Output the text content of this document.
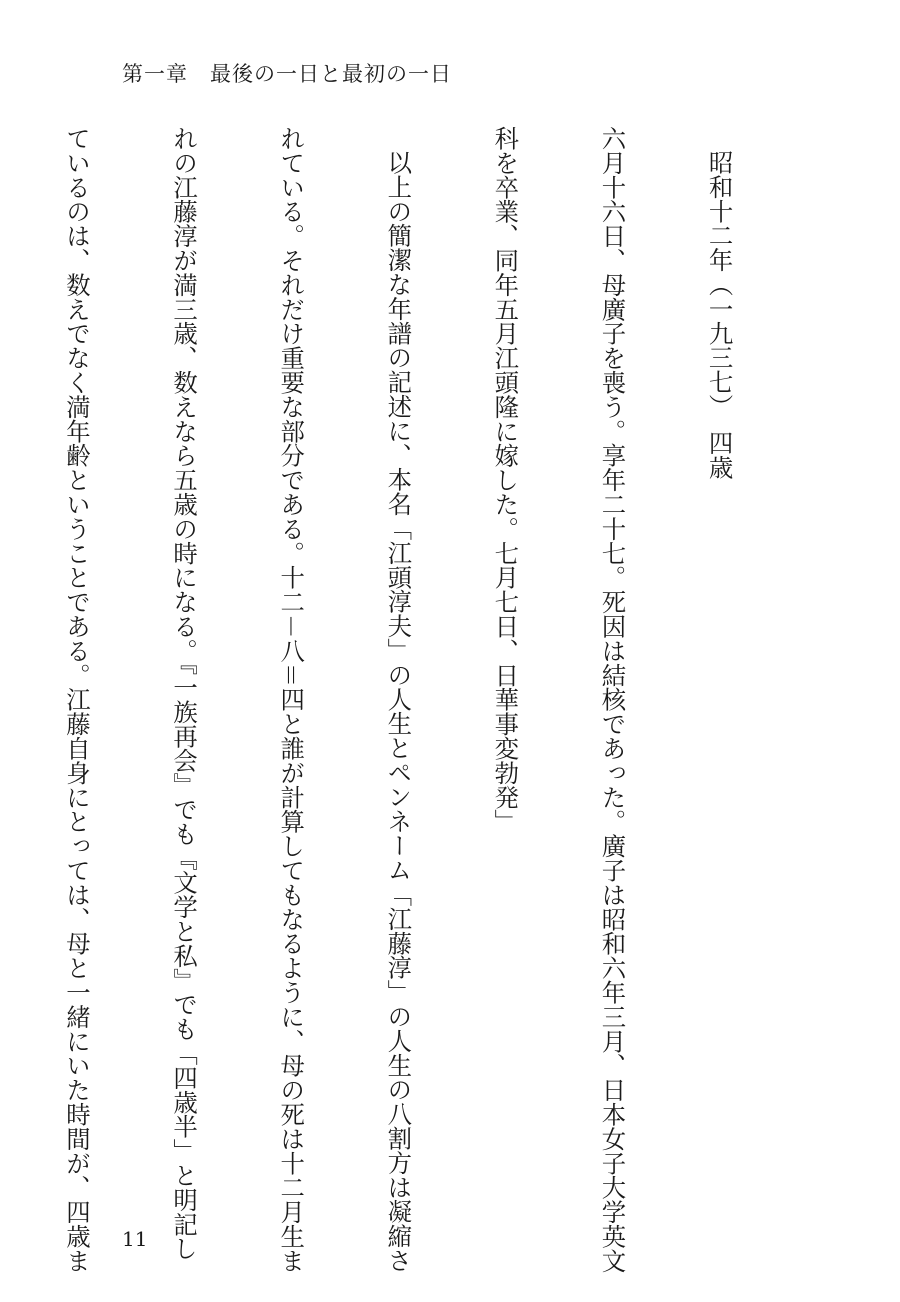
第一章　最後の一日と最初の一日

昭和十二年（一九三七）　四歳

六月十六日、母廣子を喪う。享年二十七。死因は結核であった。廣子は昭和六年三月、日本女子大学英文

科を卒業、同年五月江頭隆に嫁した。七月七日、日華事変勃発」

以上の簡潔な年譜の記述に、本名「江頭淳夫」の人生とペンネーム「江藤淳」の人生の八割方は凝縮さ

れている。それだけ重要な部分である。十二－八＝四と誰が計算してもなるように、母の死は十二月生ま

れの江藤淳が満三歳、数えなら五歳の時になる。『一族再会』でも『文学と私』でも「四歳半」と明記し

ているのは、数えでなく満年齢ということである。江藤自身にとっては、母と一緒にいた時間が、四歳ま

11
